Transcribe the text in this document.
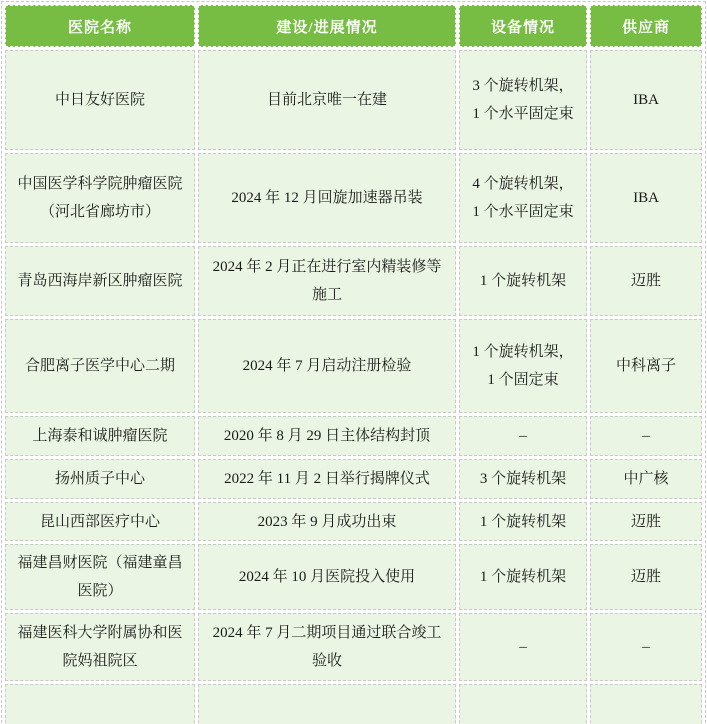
医院名称	建设/进展情况	设备情况	供应商
中日友好医院	目前北京唯一在建	3 个旋转机架，1 个水平固定束	IBA
中国医学科学院肿瘤医院（河北省廊坊市）	2024 年 12 月回旋加速器吊装	4 个旋转机架，1 个水平固定束	IBA
青岛西海岸新区肿瘤医院	2024 年 2 月正在进行室内精装修等施工	1 个旋转机架	迈胜
合肥离子医学中心二期	2024 年 7 月启动注册检验	1 个旋转机架，1 个固定束	中科离子
上海泰和诚肿瘤医院	2020 年 8 月 29 日主体结构封顶	–	–
扬州质子中心	2022 年 11 月 2 日举行揭牌仪式	3 个旋转机架	中广核
昆山西部医疗中心	2023 年 9 月成功出束	1 个旋转机架	迈胜
福建昌财医院（福建童昌医院）	2024 年 10 月医院投入使用	1 个旋转机架	迈胜
福建医科大学附属协和医院妈祖院区	2024 年 7 月二期项目通过联合竣工验收	–	–
